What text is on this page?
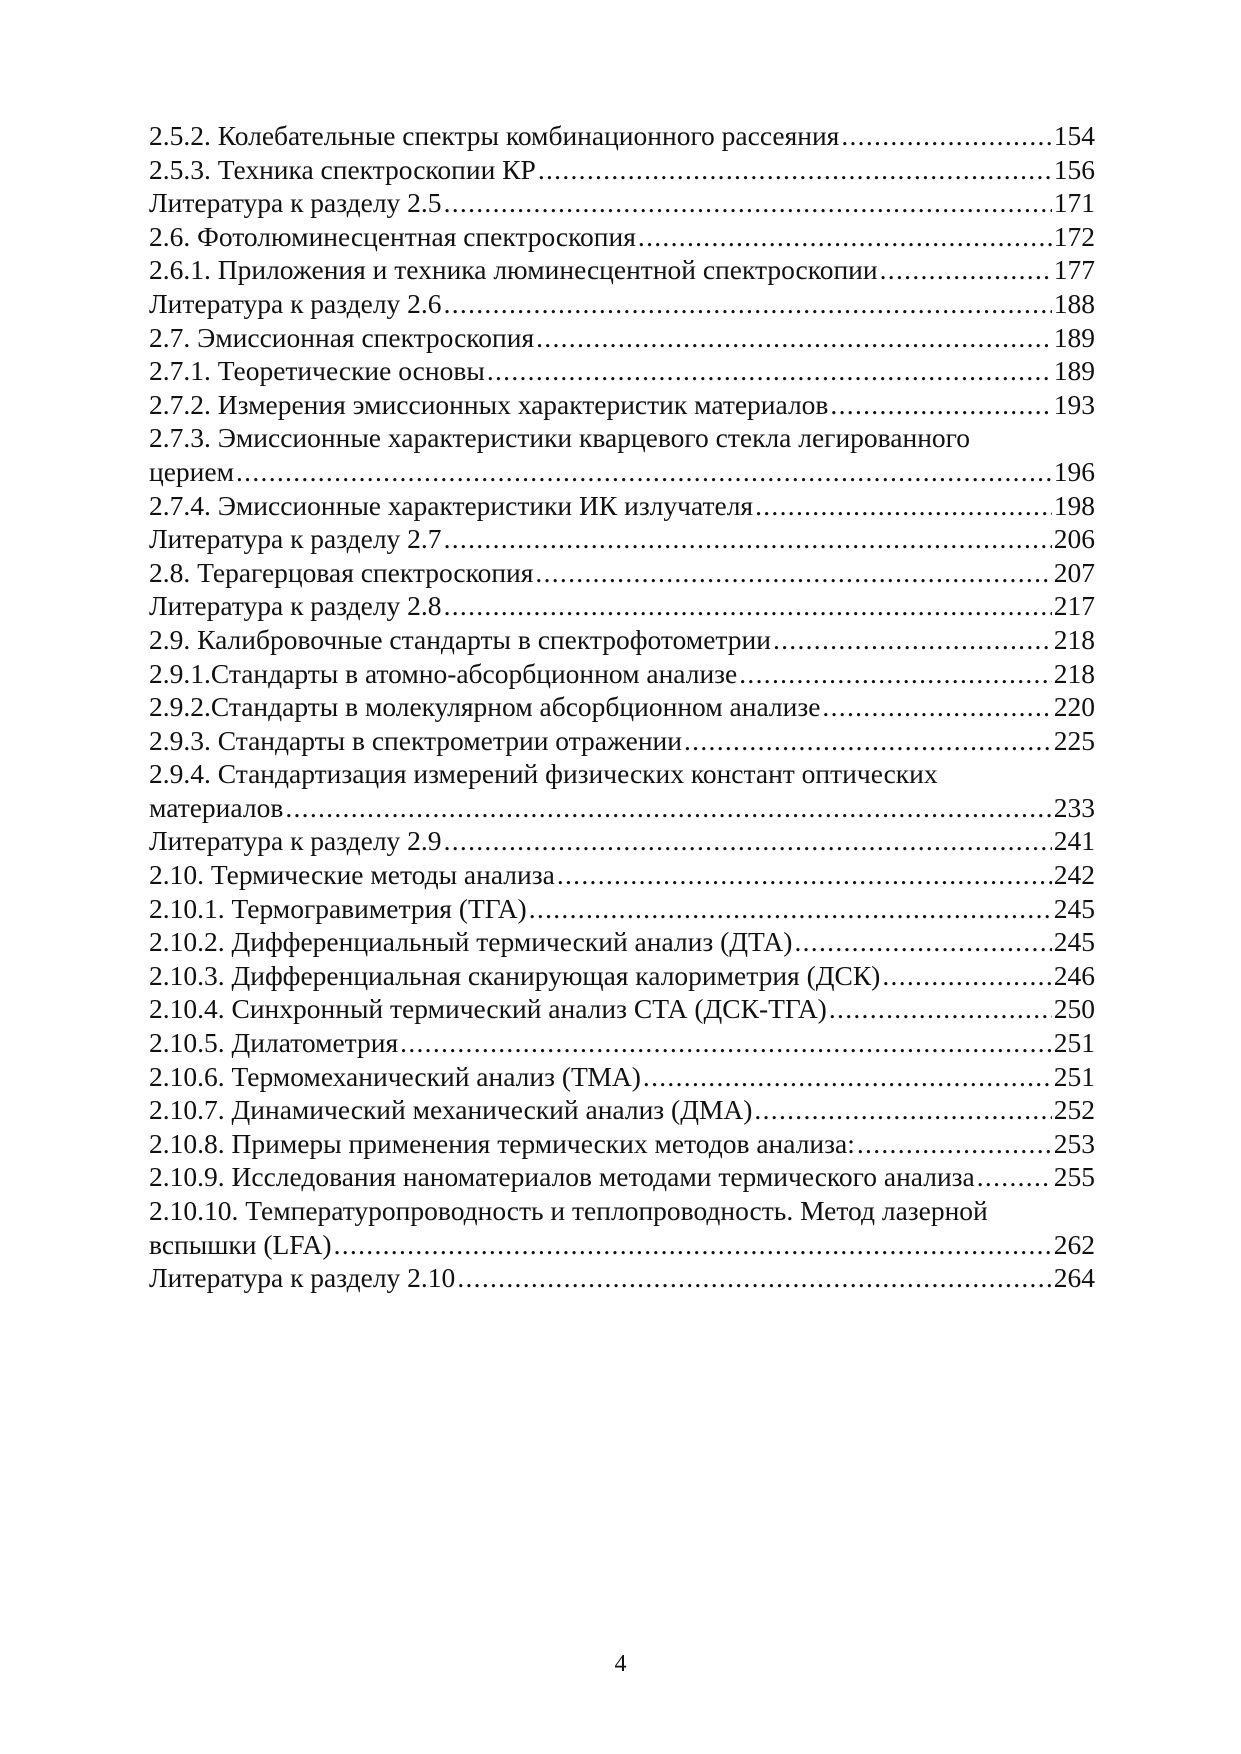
2.5.2. Колебательные спектры комбинационного рассеяния .....	154
2.5.3. Техника спектроскопии КР .....	156
Литература к разделу 2.5 .....	171
2.6. Фотолюминесцентная спектроскопия .....	172
2.6.1. Приложения и техника люминесцентной спектроскопии .....	177
Литература к разделу 2.6 .....	188
2.7. Эмиссионная спектроскопия .....	189
2.7.1. Теоретические основы .....	189
2.7.2. Измерения эмиссионных характеристик материалов .....	193
2.7.3. Эмиссионные характеристики кварцевого стекла легированного
церием .....	196
2.7.4. Эмиссионные характеристики ИК излучателя .....	198
Литература к разделу 2.7 .....	206
2.8. Терагерцовая спектроскопия .....	207
Литература к разделу 2.8 .....	217
2.9. Калибровочные стандарты в спектрофотометрии .....	218
2.9.1.Стандарты в атомно-абсорбционном анализе .....	218
2.9.2.Стандарты в молекулярном абсорбционном анализе .....	220
2.9.3. Стандарты в спектрометрии отражении .....	225
2.9.4. Стандартизация измерений физических констант оптических
материалов .....	233
Литература к разделу 2.9 .....	241
2.10. Термические методы анализа .....	242
2.10.1. Термогравиметрия (ТГА) .....	245
2.10.2. Дифференциальный термический анализ (ДТА) .....	245
2.10.3. Дифференциальная сканирующая калориметрия (ДСК) .....	246
2.10.4. Синхронный термический анализ СТА (ДСК-ТГА) .....	250
2.10.5. Дилатометрия .....	251
2.10.6. Термомеханический анализ (ТМА) .....	251
2.10.7. Динамический механический анализ (ДМА) .....	252
2.10.8. Примеры применения термических методов анализа: .....	253
2.10.9. Исследования наноматериалов методами термического анализа .....	255
2.10.10. Температуропроводность и теплопроводность. Метод лазерной
вспышки (LFA) .....	262
Литература к разделу 2.10 .....	264
4
